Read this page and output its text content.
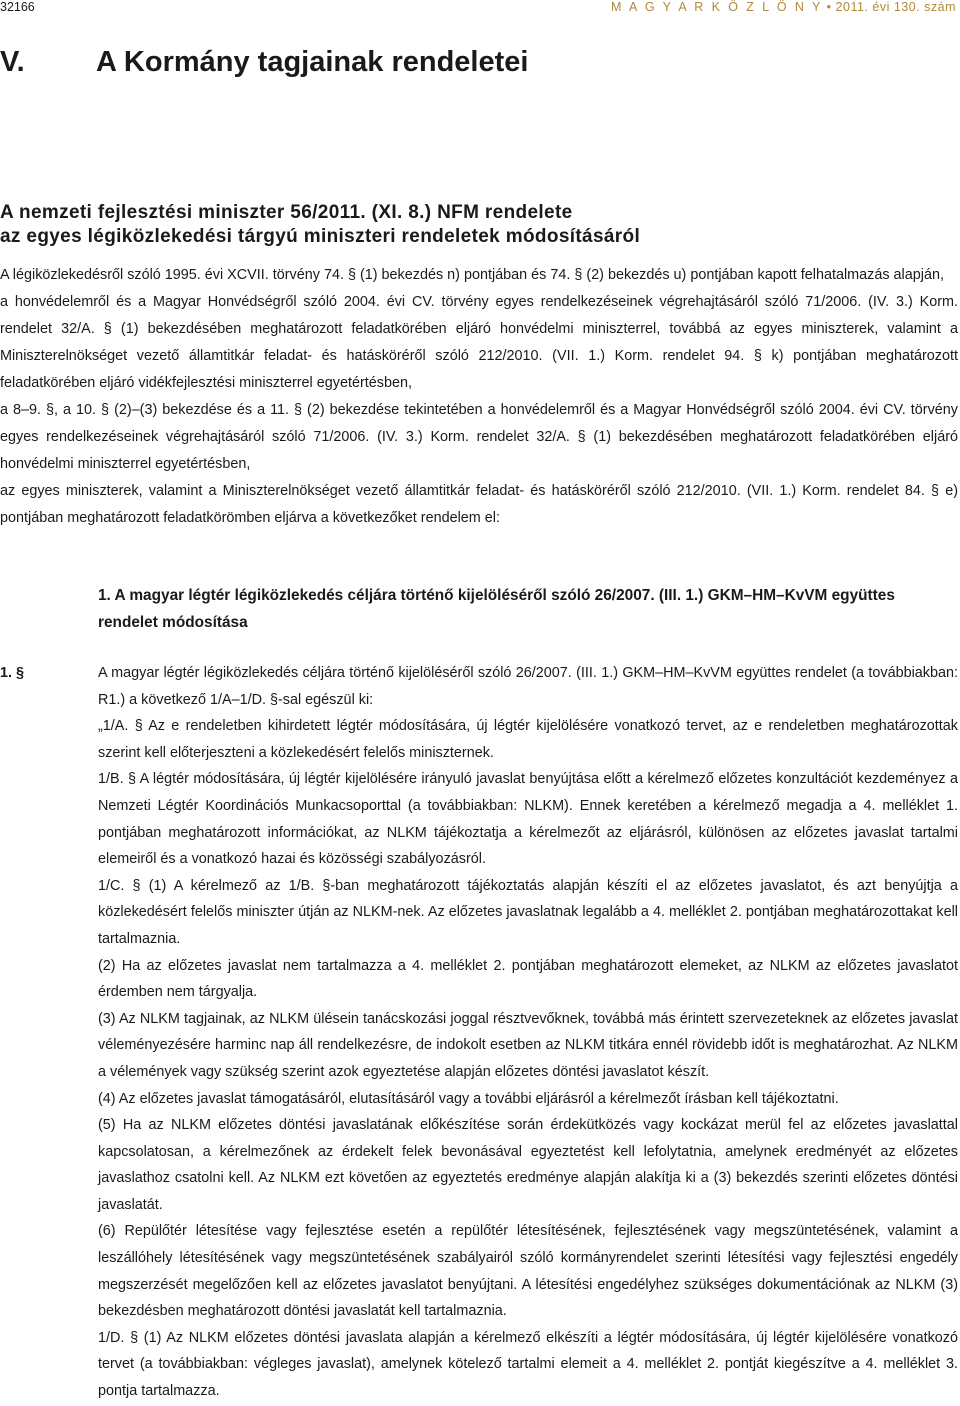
32166	M A G Y A R K Ö Z L Ö N Y • 2011. évi 130. szám
V. A Kormány tagjainak rendeletei
A nemzeti fejlesztési miniszter 56/2011. (XI. 8.) NFM rendelete
az egyes légiközlekedési tárgyú miniszteri rendeletek módosításáról

A légiközlekedésről szóló 1995. évi XCVII. törvény 74. § (1) bekezdés n) pontjában és 74. § (2) bekezdés u) pontjában kapott felhatalmazás alapján,

a honvédelemről és a Magyar Honvédségről szóló 2004. évi CV. törvény egyes rendelkezéseinek végrehajtásáról szóló 71/2006. (IV. 3.) Korm. rendelet 32/A. § (1) bekezdésében meghatározott feladatkörében eljáró honvédelmi miniszterrel, továbbá az egyes miniszterek, valamint a Miniszterelnökséget vezető államtitkár feladat- és hatásköréről szóló 212/2010. (VII. 1.) Korm. rendelet 94. § k) pontjában meghatározott feladatkörében eljáró vidékfejlesztési miniszterrel egyetértésben,

a 8–9. §, a 10. § (2)–(3) bekezdése és a 11. § (2) bekezdése tekintetében a honvédelemről és a Magyar Honvédségről szóló 2004. évi CV. törvény egyes rendelkezéseinek végrehajtásáról szóló 71/2006. (IV. 3.) Korm. rendelet 32/A. § (1) bekezdésében meghatározott feladatkörében eljáró honvédelmi miniszterrel egyetértésben,

az egyes miniszterek, valamint a Miniszterelnökséget vezető államtitkár feladat- és hatásköréről szóló 212/2010. (VII. 1.) Korm. rendelet 84. § e) pontjában meghatározott feladatkörömben eljárva a következőket rendelem el:

1. A magyar légtér légiközlekedés céljára történő kijelöléséről szóló 26/2007. (III. 1.) GKM–HM–KvVM együttes rendelet módosítása
1. §	A magyar légtér légiközlekedés céljára történő kijelöléséről szóló 26/2007. (III. 1.) GKM–HM–KvVM együttes rendelet (a továbbiakban: R1.) a következő 1/A–1/D. §-sal egészül ki:

„1/A. § Az e rendeletben kihirdetett légtér módosítására, új légtér kijelölésére vonatkozó tervet, az e rendeletben meghatározottak szerint kell előterjeszteni a közlekedésért felelős miniszternek.

1/B. § A légtér módosítására, új légtér kijelölésére irányuló javaslat benyújtása előtt a kérelmező előzetes konzultációt kezdeményez a Nemzeti Légtér Koordinációs Munkacsoporttal (a továbbiakban: NLKM). Ennek keretében a kérelmező megadja a 4. melléklet 1. pontjában meghatározott információkat, az NLKM tájékoztatja a kérelmezőt az eljárásról, különösen az előzetes javaslat tartalmi elemeiről és a vonatkozó hazai és közösségi szabályozásról.

1/C. § (1) A kérelmező az 1/B. §-ban meghatározott tájékoztatás alapján készíti el az előzetes javaslatot, és azt benyújtja a közlekedésért felelős miniszter útján az NLKM-nek. Az előzetes javaslatnak legalább a 4. melléklet 2. pontjában meghatározottakat kell tartalmaznia.

(2) Ha az előzetes javaslat nem tartalmazza a 4. melléklet 2. pontjában meghatározott elemeket, az NLKM az előzetes javaslatot érdemben nem tárgyalja.

(3) Az NLKM tagjainak, az NLKM ülésein tanácskozási joggal résztvevőknek, továbbá más érintett szervezeteknek az előzetes javaslat véleményezésére harminc nap áll rendelkezésre, de indokolt esetben az NLKM titkára ennél rövidebb időt is meghatározhat. Az NLKM a vélemények vagy szükség szerint azok egyeztetése alapján előzetes döntési javaslatot készít.

(4) Az előzetes javaslat támogatásáról, elutasításáról vagy a további eljárásról a kérelmezőt írásban kell tájékoztatni.

(5) Ha az NLKM előzetes döntési javaslatának előkészítése során érdekütközés vagy kockázat merül fel az előzetes javaslattal kapcsolatosan, a kérelmezőnek az érdekelt felek bevonásával egyeztetést kell lefolytatnia, amelynek eredményét az előzetes javaslathoz csatolni kell. Az NLKM ezt követően az egyeztetés eredménye alapján alakítja ki a (3) bekezdés szerinti előzetes döntési javaslatát.

(6) Repülőtér létesítése vagy fejlesztése esetén a repülőtér létesítésének, fejlesztésének vagy megszüntetésének, valamint a leszállóhely létesítésének vagy megszüntetésének szabályairól szóló kormányrendelet szerinti létesítési vagy fejlesztési engedély megszerzését megelőzően kell az előzetes javaslatot benyújtani. A létesítési engedélyhez szükséges dokumentációnak az NLKM (3) bekezdésben meghatározott döntési javaslatát kell tartalmaznia.

1/D. § (1) Az NLKM előzetes döntési javaslata alapján a kérelmező elkészíti a légtér módosítására, új légtér kijelölésére vonatkozó tervet (a továbbiakban: végleges javaslat), amelynek kötelező tartalmi elemeit a 4. melléklet 2. pontját kiegészítve a 4. melléklet 3. pontja tartalmazza.
